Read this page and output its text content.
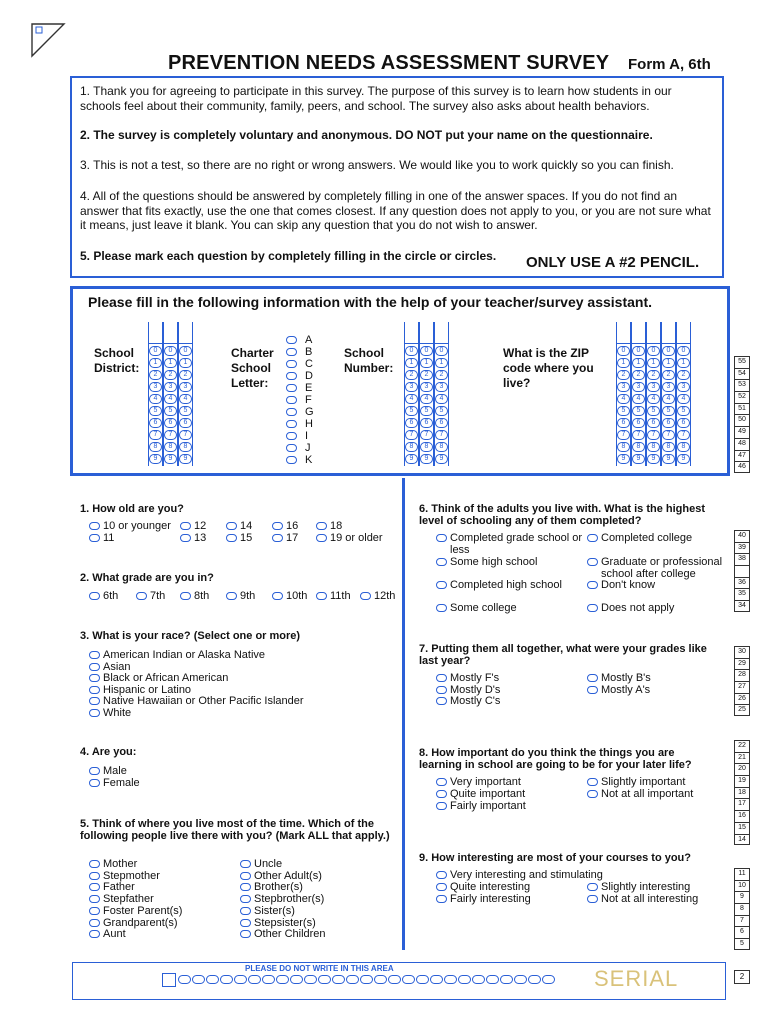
PREVENTION NEEDS ASSESSMENT SURVEY Form A, 6th
1. Thank you for agreeing to participate in this survey. The purpose of this survey is to learn how students in our schools feel about their community, family, peers, and school. The survey also asks about health behaviors.
2. The survey is completely voluntary and anonymous. DO NOT put your name on the questionnaire.
3. This is not a test, so there are no right or wrong answers. We would like you to work quickly so you can finish.
4. All of the questions should be answered by completely filling in one of the answer spaces. If you do not find an answer that fits exactly, use the one that comes closest. If any question does not apply to you, or you are not sure what it means, just leave it blank. You can skip any question that you do not wish to answer.
5. Please mark each question by completely filling in the circle or circles.	ONLY USE A #2 PENCIL.
Please fill in the following information with the help of your teacher/survey assistant.
School District:
0
1
2
3
4
5
6
7
8
9
0
1
2
3
4
5
6
7
8
9
0
1
2
3
4
5
6
7
8
9
Charter School Letter:
A
B
C
D
E
F
G
H
I
J
K
School Number:
0
1
2
3
4
5
6
7
8
9
0
1
2
3
4
5
6
7
8
9
0
1
2
3
4
5
6
7
8
9
What is the ZIP code where you live?
0
1
2
3
4
5
6
7
8
9
0
1
2
3
4
5
6
7
8
9
0
1
2
3
4
5
6
7
8
9
0
1
2
3
4
5
6
7
8
9
0
1
2
3
4
5
6
7
8
9
55
54
53
52
51
50
49
48
47
46
40
39
38
36
35
34
30
29
28
27
26
25
22
21
20
19
18
17
16
15
14
11
10
9
8
7
6
5
1. How old are you?
10 or younger 12	14	16	18
11	13	15	17	19 or older
2. What grade are you in?
6th	7th	8th	9th	10th 11th 12th
3. What is your race? (Select one or more)
American Indian or Alaska Native
Asian
Black or African American
Hispanic or Latino
Native Hawaiian or Other Pacific Islander
White
4. Are you:
Male
Female
5. Think of where you live most of the time. Which of the following people live there with you? (Mark ALL that apply.)
Mother
Stepmother
Father
Stepfather
Foster Parent(s)
Grandparent(s)
Aunt
Uncle
Other Adult(s)
Brother(s)
Stepbrother(s)
Sister(s)
Stepsister(s)
Other Children
6. Think of the adults you live with. What is the highest level of schooling any of them completed?
Completed grade school or less
Some high school
Completed high school
Some college
Completed college
Graduate or professional school after college
Don't know
Does not apply
7. Putting them all together, what were your grades like last year?
Mostly F's
Mostly D's
Mostly C's
Mostly B's
Mostly A's
8. How important do you think the things you are learning in school are going to be for your later life?
Very important
Quite important
Fairly important
Slightly important
Not at all important
9. How interesting are most of your courses to you?
Very interesting and stimulating
Quite interesting
Fairly interesting
Slightly interesting
Not at all interesting
PLEASE DO NOT WRITE IN THIS AREA	SERIAL	2
